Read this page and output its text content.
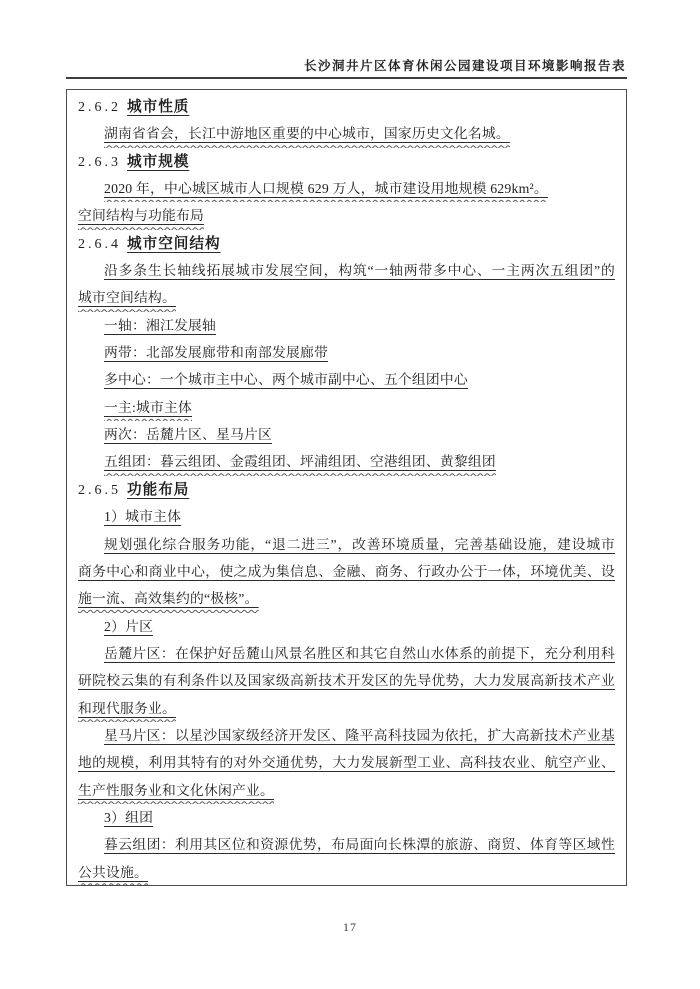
长沙洞井片区体育休闲公园建设项目环境影响报告表
2.6.2 城市性质
湖南省省会，长江中游地区重要的中心城市，国家历史文化名城。
2.6.3 城市规模
2020 年，中心城区城市人口规模 629 万人，城市建设用地规模 629km²。
空间结构与功能布局
2.6.4 城市空间结构
沿多条生长轴线拓展城市发展空间，构筑“一轴两带多中心、一主两次五组团”的
城市空间结构。
一轴：湘江发展轴
两带：北部发展廊带和南部发展廊带
多中心：一个城市主中心、两个城市副中心、五个组团中心
一主:城市主体
两次：岳麓片区、星马片区
五组团：暮云组团、金霞组团、坪浦组团、空港组团、黄黎组团
2.6.5 功能布局
1）城市主体
规划强化综合服务功能，“退二进三”，改善环境质量，完善基础设施，建设城市
商务中心和商业中心，使之成为集信息、金融、商务、行政办公于一体，环境优美、设
施一流、高效集约的“极核”。
2）片区
岳麓片区：在保护好岳麓山风景名胜区和其它自然山水体系的前提下，充分利用科
研院校云集的有利条件以及国家级高新技术开发区的先导优势，大力发展高新技术产业
和现代服务业。
星马片区：以星沙国家级经济开发区、隆平高科技园为依托，扩大高新技术产业基
地的规模，利用其特有的对外交通优势，大力发展新型工业、高科技农业、航空产业、
生产性服务业和文化休闲产业。
3）组团
暮云组团：利用其区位和资源优势，布局面向长株潭的旅游、商贸、体育等区域性
公共设施。
17
